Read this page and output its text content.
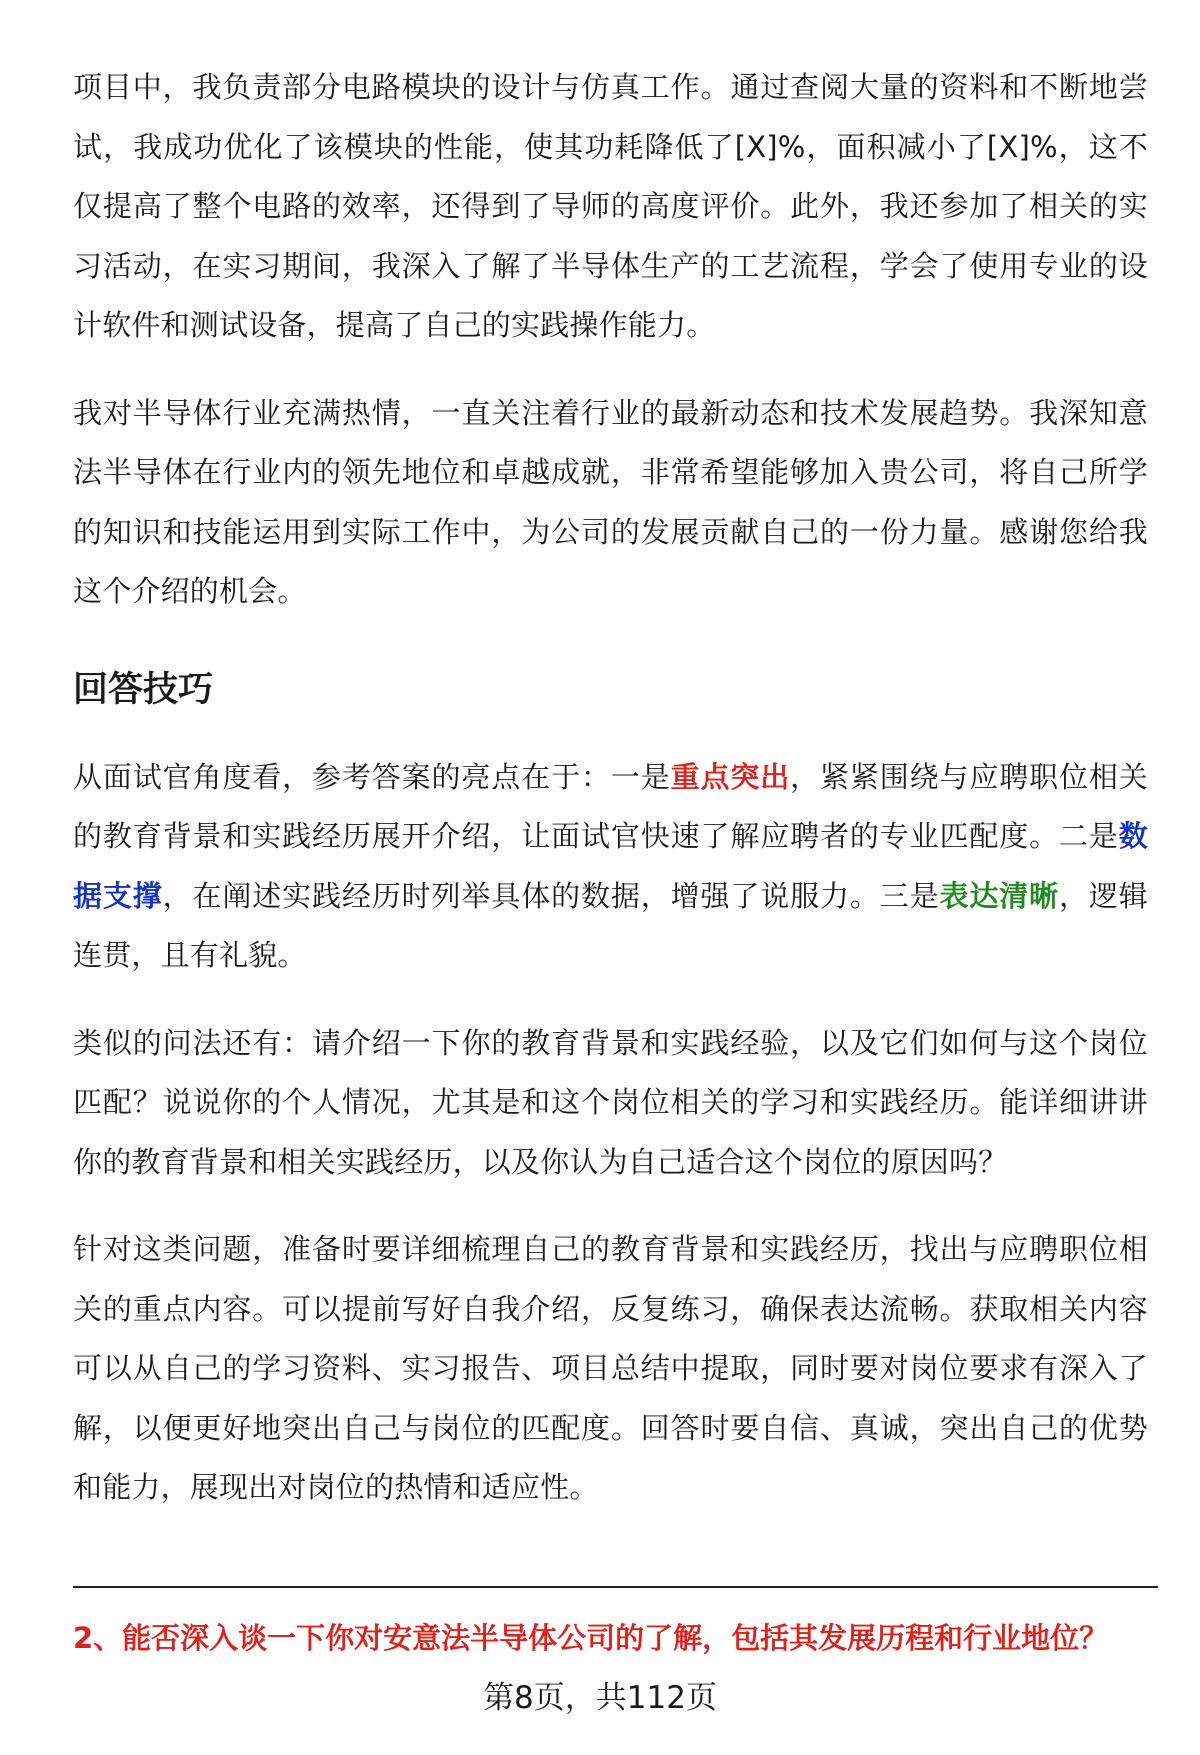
项目中，我负责部分电路模块的设计与仿真工作。通过查阅大量的资料和不断地尝试，我成功优化了该模块的性能，使其功耗降低了[X]%，面积减小了[X]%，这不仅提高了整个电路的效率，还得到了导师的高度评价。此外，我还参加了相关的实习活动，在实习期间，我深入了解了半导体生产的工艺流程，学会了使用专业的设计软件和测试设备，提高了自己的实践操作能力。

我对半导体行业充满热情，一直关注着行业的最新动态和技术发展趋势。我深知意法半导体在行业内的领先地位和卓越成就，非常希望能够加入贵公司，将自己所学的知识和技能运用到实际工作中，为公司的发展贡献自己的一份力量。感谢您给我这个介绍的机会。

回答技巧

从面试官角度看，参考答案的亮点在于：一是重点突出，紧紧围绕与应聘职位相关的教育背景和实践经历展开介绍，让面试官快速了解应聘者的专业匹配度。二是数据支撑，在阐述实践经历时列举具体的数据，增强了说服力。三是表达清晰，逻辑连贯，且有礼貌。

类似的问法还有：请介绍一下你的教育背景和实践经验，以及它们如何与这个岗位匹配？说说你的个人情况，尤其是和这个岗位相关的学习和实践经历。能详细讲讲你的教育背景和相关实践经历，以及你认为自己适合这个岗位的原因吗？

针对这类问题，准备时要详细梳理自己的教育背景和实践经历，找出与应聘职位相关的重点内容。可以提前写好自我介绍，反复练习，确保表达流畅。获取相关内容可以从自己的学习资料、实习报告、项目总结中提取，同时要对岗位要求有深入了解，以便更好地突出自己与岗位的匹配度。回答时要自信、真诚，突出自己的优势和能力，展现出对岗位的热情和适应性。

2、能否深入谈一下你对安意法半导体公司的了解，包括其发展历程和行业地位？
第8页，共112页
